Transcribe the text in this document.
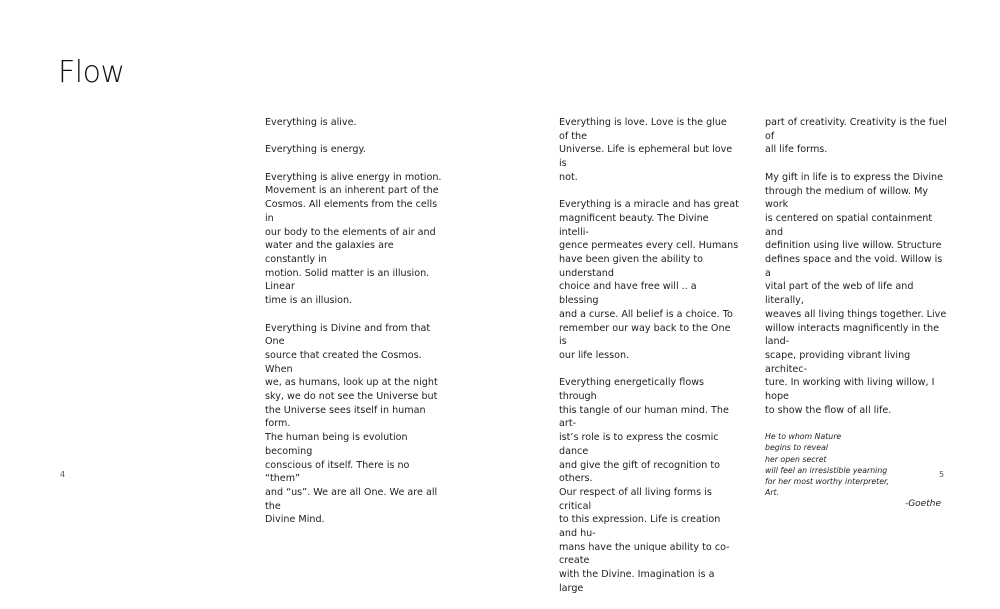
Flow

Everything is alive.

Everything is energy.

Everything is alive energy in motion.
Movement is an inherent part of the
Cosmos. All elements from the cells in
our body to the elements of air and
water and the galaxies are constantly in
motion. Solid matter is an illusion. Linear
time is an illusion.

Everything is Divine and from that One
source that created the Cosmos. When
we, as humans, look up at the night
sky, we do not see the Universe but
the Universe sees itself in human form.
The human being is evolution becoming
conscious of itself. There is no “them”
and “us”. We are all One. We are all the
Divine Mind.

Everything is love. Love is the glue of the
Universe. Life is ephemeral but love is
not.

Everything is a miracle and has great
magnificent beauty. The Divine intelli-
gence permeates every cell. Humans
have been given the ability to understand
choice and have free will .. a blessing
and a curse. All belief is a choice. To
remember our way back to the One is
our life lesson.

Everything energetically flows through
this tangle of our human mind. The art-
ist’s role is to express the cosmic dance
and give the gift of recognition to others.
Our respect of all living forms is critical
to this expression. Life is creation and hu-
mans have the unique ability to co-create
with the Divine. Imagination is a large

part of creativity. Creativity is the fuel of
all life forms.

My gift in life is to express the Divine
through the medium of willow. My work
is centered on spatial containment and
definition using live willow. Structure
defines space and the void. Willow is a
vital part of the web of life and literally,
weaves all living things together. Live
willow interacts magnificently in the land-
scape, providing vibrant living architec-
ture. In working with living willow, I hope
to show the flow of all life.

He to whom Nature
begins to reveal
her open secret
will feel an irresistible yearning
for her most worthy interpreter,
Art.
-Goethe
4	5
